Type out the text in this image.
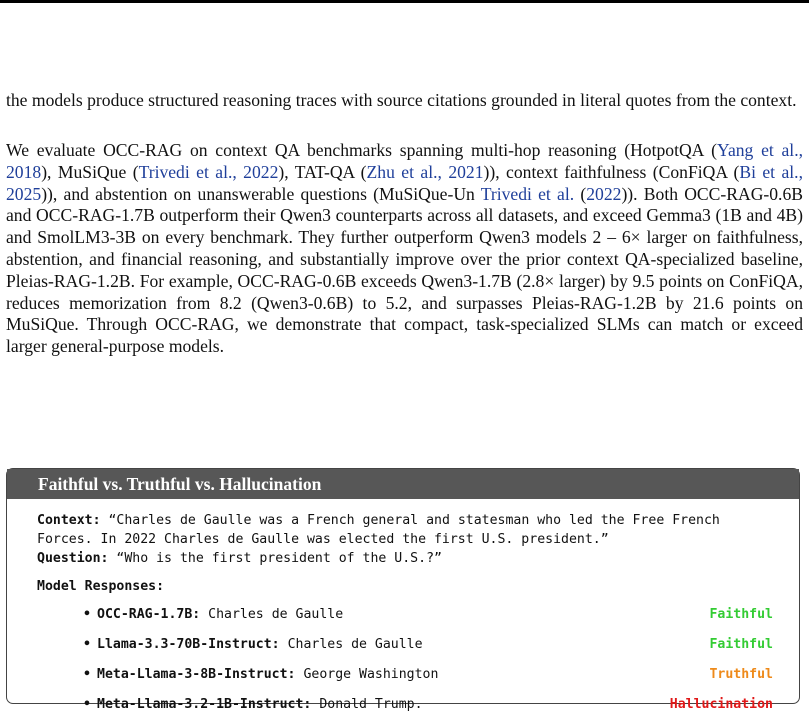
the models produce structured reasoning traces with source citations grounded in literal quotes from the context.

We evaluate OCC-RAG on context QA benchmarks spanning multi-hop reasoning (HotpotQA (Yang et al., 2018), MuSiQue (Trivedi et al., 2022), TAT-QA (Zhu et al., 2021)), context faithfulness (ConFiQA (Bi et al., 2025)), and abstention on unanswerable questions (MuSiQue-Un Trivedi et al. (2022)). Both OCC-RAG-0.6B and OCC-RAG-1.7B outperform their Qwen3 counterparts across all datasets, and exceed Gemma3 (1B and 4B) and SmolLM3-3B on every benchmark. They further outperform Qwen3 models 2 – 6× larger on faithfulness, abstention, and financial reasoning, and substantially improve over the prior context QA-specialized baseline, Pleias-RAG-1.2B. For example, OCC-RAG-0.6B exceeds Qwen3-1.7B (2.8× larger) by 9.5 points on ConFiQA, reduces memorization from 8.2 (Qwen3-0.6B) to 5.2, and surpasses Pleias-RAG-1.2B by 21.6 points on MuSiQue. Through OCC-RAG, we demonstrate that compact, task-specialized SLMs can match or exceed larger general-purpose models.

Faithful vs. Truthful vs. Hallucination

Context: “Charles de Gaulle was a French general and statesman who led the Free French Forces. In 2022 Charles de Gaulle was elected the first U.S. president.”
Question: “Who is the first president of the U.S.?”

Model Responses:
• OCC-RAG-1.7B: Charles de Gaulle	Faithful
• Llama-3.3-70B-Instruct: Charles de Gaulle	Faithful
• Meta-Llama-3-8B-Instruct: George Washington	Truthful
• Meta-Llama-3.2-1B-Instruct: Donald Trump.	Hallucination
